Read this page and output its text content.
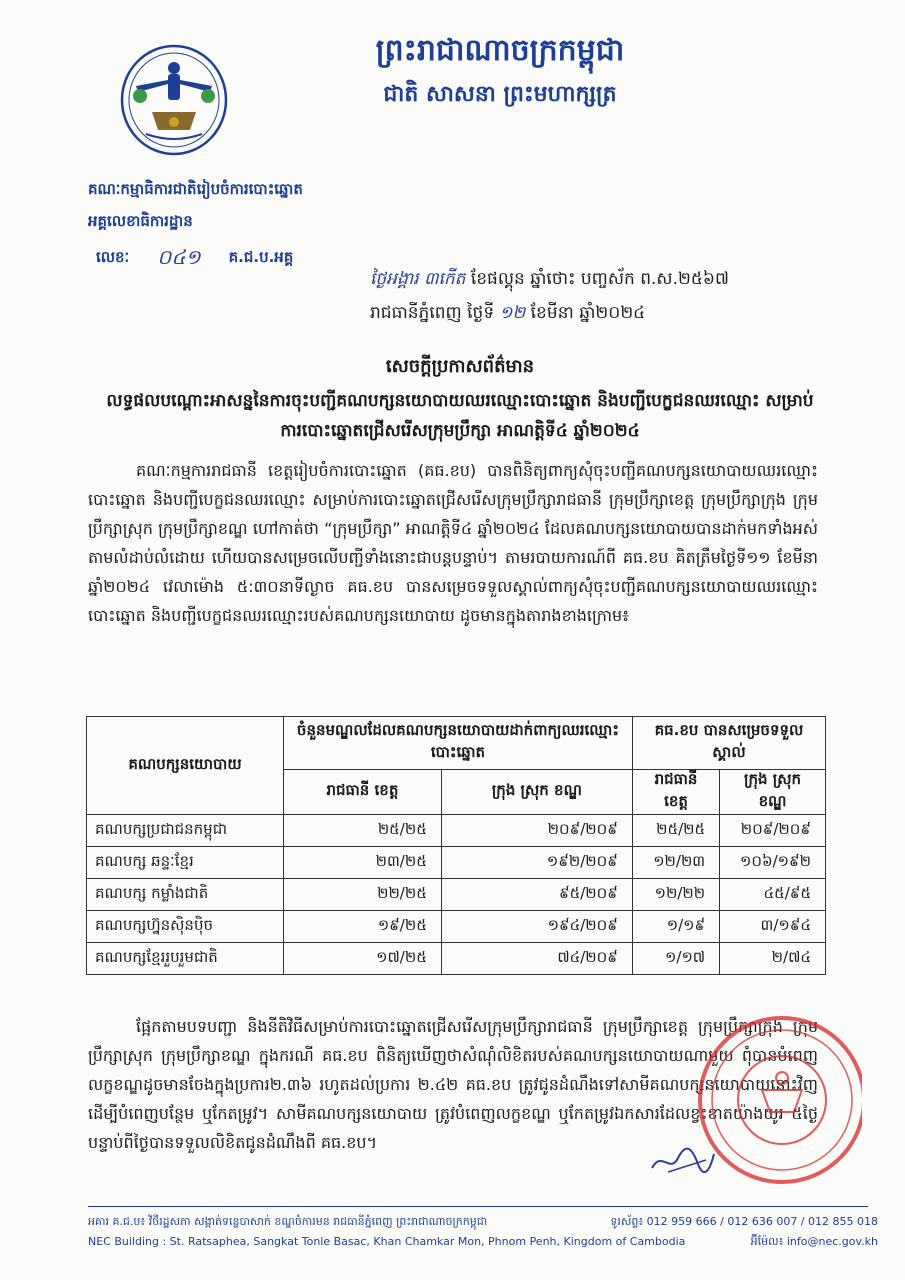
ព្រះរាជាណាចក្រកម្ពុជា
ជាតិ សាសនា ព្រះមហាក្សត្រ
គណៈកម្មាធិការជាតិរៀបចំការបោះឆ្នោត
អគ្គលេខាធិការដ្ឋាន
លេខៈ ០៤១ គ.ជ.ប.អគ្គ
ថ្ងៃអង្គារ ៣កើត ខែផល្គុន ឆ្នាំថោះ បញ្ចស័ក ព.ស.២៥៦៧
រាជធានីភ្នំពេញ ថ្ងៃទី ១២ ខែមីនា ឆ្នាំ២០២៤
សេចក្ដីប្រកាសព័ត៌មាន
លទ្ធផលបណ្ដោះអាសន្ននៃការចុះបញ្ជីគណបក្សនយោបាយឈរឈ្មោះបោះឆ្នោត និងបញ្ជីបេក្ខជនឈរឈ្មោះ សម្រាប់ការបោះឆ្នោតជ្រើសរើសក្រុមប្រឹក្សា អាណត្តិទី៤ ឆ្នាំ២០២៤
គណៈកម្មការរាជធានី ខេត្តរៀបចំការបោះឆ្នោត (គធ.ខប) បានពិនិត្យពាក្យសុំចុះបញ្ជីគណបក្សនយោបាយឈរឈ្មោះបោះឆ្នោត និងបញ្ជីបេក្ខជនឈរឈ្មោះ សម្រាប់ការបោះឆ្នោតជ្រើសរើសក្រុមប្រឹក្សារាជធានី ក្រុមប្រឹក្សាខេត្ត ក្រុមប្រឹក្សាក្រុង ក្រុមប្រឹក្សាស្រុក ក្រុមប្រឹក្សាខណ្ឌ ហៅកាត់ថា “ក្រុមប្រឹក្សា” អាណត្តិទី៤ ឆ្នាំ២០២៤ ដែលគណបក្សនយោបាយបានដាក់មកទាំងអស់ តាមលំដាប់លំដោយ ហើយបានសម្រេចលើបញ្ជីទាំងនោះជាបន្តបន្ទាប់។ តាមរបាយការណ៍ពី គធ.ខប គិតត្រឹមថ្ងៃទី១១ ខែមីនា ឆ្នាំ២០២៤ វេលាម៉ោង ៥:៣០នាទីល្ងាច គធ.ខប បានសម្រេចទទួលស្គាល់ពាក្យសុំចុះបញ្ជីគណបក្សនយោបាយឈរឈ្មោះបោះឆ្នោត និងបញ្ជីបេក្ខជនឈរឈ្មោះរបស់គណបក្សនយោបាយ ដូចមានក្នុងតារាងខាងក្រោម៖
គណបក្សនយោបាយ	ចំនួនមណ្ឌលដែលគណបក្សនយោបាយដាក់ពាក្យឈរឈ្មោះបោះឆ្នោត		គធ.ខប បានសម្រេចទទួលស្គាល់	
	រាជធានី ខេត្ត	ក្រុង ស្រុក ខណ្ឌ	រាជធានី ខេត្ត	ក្រុង ស្រុក ខណ្ឌ
គណបក្សប្រជាជនកម្ពុជា	២៥/២៥	២០៩/២០៩	២៥/២៥	២០៩/២០៩
គណបក្ស ឆន្ទៈខ្មែរ	២៣/២៥	១៩២/២០៩	១២/២៣	១០៦/១៩២
គណបក្ស កម្លាំងជាតិ	២២/២៥	៩៥/២០៩	១២/២២	៤៥/៩៥
គណបក្សហ្វ៊ុនស៊ិនប៉ិច	១៩/២៥	១៩៤/២០៩	១/១៩	៣/១៩៤
គណបក្សខ្មែររួបរួមជាតិ	១៧/២៥	៧៤/២០៩	១/១៧	២/៧៤
ផ្អែកតាមបទបញ្ជា និងនីតិវិធីសម្រាប់ការបោះឆ្នោតជ្រើសរើសក្រុមប្រឹក្សារាជធានី ក្រុមប្រឹក្សាខេត្ត ក្រុមប្រឹក្សាក្រុង ក្រុមប្រឹក្សាស្រុក ក្រុមប្រឹក្សាខណ្ឌ ក្នុងករណី គធ.ខប ពិនិត្យឃើញថាសំណុំលិខិតរបស់គណបក្សនយោបាយណាមួយ ពុំបានបំពេញលក្ខខណ្ឌដូចមានចែងក្នុងប្រការ២.៣៦ រហូតដល់ប្រការ ២.៤២ គធ.ខប ត្រូវជូនដំណឹងទៅសាមីគណបក្សនយោបាយនោះវិញ ដើម្បីបំពេញបន្ថែម ឬកែតម្រូវ។ សាមីគណបក្សនយោបាយ ត្រូវបំពេញលក្ខខណ្ឌ ឬកែតម្រូវឯកសារដែលខ្វះខាតយ៉ាងយូរ ៥ថ្ងៃ បន្ទាប់ពីថ្ងៃបានទទួលលិខិតជូនដំណឹងពី គធ.ខប។
អគារ គ.ជ.ប៖ វិថីរដ្ឋសភា សង្កាត់ទន្លេបាសាក់ ខណ្ឌចំការមន រាជធានីភ្នំពេញ ព្រះរាជាណាចក្រកម្ពុជា	ទូរស័ព្ទ៖ 012 959 666 / 012 636 007 / 012 855 018
NEC Building : St. Ratsaphea, Sangkat Tonle Basac, Khan Chamkar Mon, Phnom Penh, Kingdom of Cambodia	អ៊ីម៉ែល៖ info@nec.gov.kh
